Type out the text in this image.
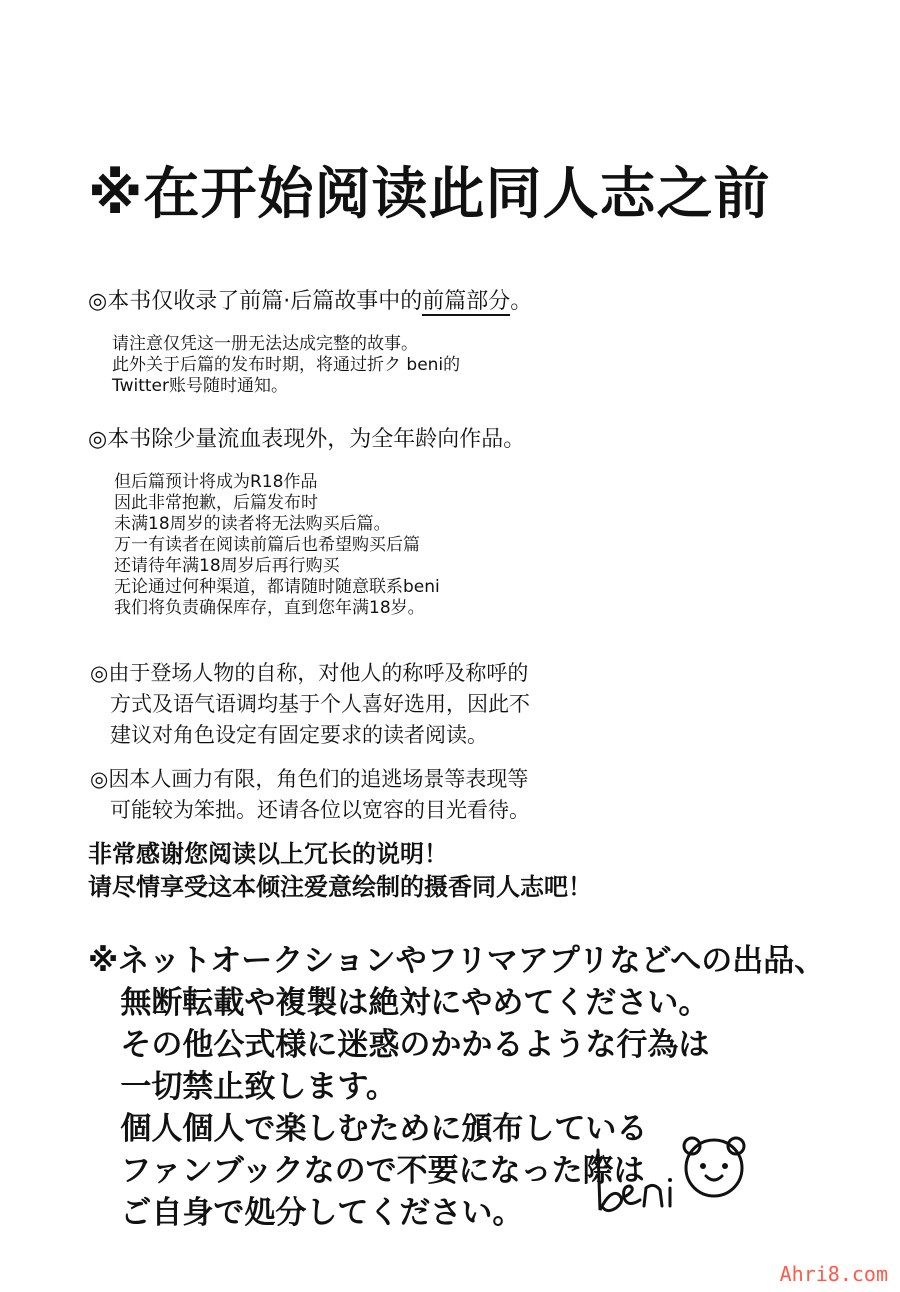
※在开始阅读此同人志之前
◎本书仅收录了前篇·后篇故事中的前篇部分。
请注意仅凭这一册无法达成完整的故事。
此外关于后篇的发布时期，将通过折ク beni的
Twitter账号随时通知。
◎本书除少量流血表现外，为全年龄向作品。
但后篇预计将成为R18作品
因此非常抱歉，后篇发布时
未满18周岁的读者将无法购买后篇。
万一有读者在阅读前篇后也希望购买后篇
还请待年满18周岁后再行购买
无论通过何种渠道，都请随时随意联系beni
我们将负责确保库存，直到您年满18岁。
◎由于登场人物的自称，对他人的称呼及称呼的
方式及语气语调均基于个人喜好选用，因此不
建议对角色设定有固定要求的读者阅读。
◎因本人画力有限，角色们的追逃场景等表现等
可能较为笨拙。还请各位以宽容的目光看待。
非常感谢您阅读以上冗长的说明！
请尽情享受这本倾注爱意绘制的摄香同人志吧！
※ネットオークションやフリマアプリなどへの出品、
無断転載や複製は絶対にやめてください。
その他公式様に迷惑のかかるような行為は
一切禁止致します。
個人個人で楽しむために頒布している
ファンブックなので不要になった際は
ご自身で処分してください。
Ahri8.com
